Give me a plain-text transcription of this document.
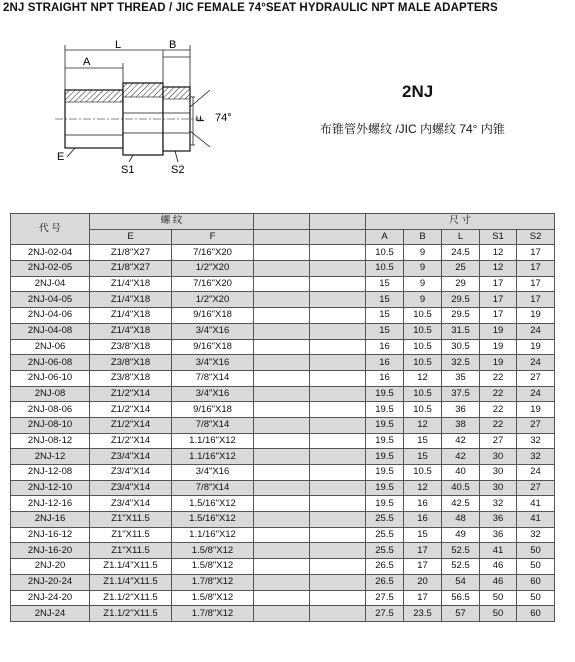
2NJ STRAIGHT NPT THREAD / JIC FEMALE 74°SEAT HYDRAULIC NPT MALE ADAPTERS
L	B
A
F 74°
E
S1	S2
2NJ
布锥管外螺纹 /JIC 内螺纹 74° 内锥
代 号	螺 纹				尺 寸				
	E	F			A	B	L	S1	S2
2NJ-02-04	Z1/8"X27	7/16"X20			10.5	9	24.5	12	17
2NJ-02-05	Z1/8"X27	1/2"X20			10.5	9	25	12	17
2NJ-04	Z1/4"X18	7/16"X20			15	9	29	17	17
2NJ-04-05	Z1/4"X18	1/2"X20			15	9	29.5	17	17
2NJ-04-06	Z1/4"X18	9/16"X18			15	10.5	29.5	17	19
2NJ-04-08	Z1/4"X18	3/4"X16			15	10.5	31.5	19	24
2NJ-06	Z3/8"X18	9/16"X18			16	10.5	30.5	19	19
2NJ-06-08	Z3/8"X18	3/4"X16			16	10.5	32.5	19	24
2NJ-06-10	Z3/8"X18	7/8"X14			16	12	35	22	27
2NJ-08	Z1/2"X14	3/4"X16			19.5	10.5	37.5	22	24
2NJ-08-06	Z1/2"X14	9/16"X18			19.5	10.5	36	22	19
2NJ-08-10	Z1/2"X14	7/8"X14			19.5	12	38	22	27
2NJ-08-12	Z1/2"X14	1.1/16"X12			19.5	15	42	27	32
2NJ-12	Z3/4"X14	1.1/16"X12			19.5	15	42	30	32
2NJ-12-08	Z3/4"X14	3/4"X16			19.5	10.5	40	30	24
2NJ-12-10	Z3/4"X14	7/8"X14			19.5	12	40.5	30	27
2NJ-12-16	Z3/4"X14	1.5/16"X12			19.5	16	42.5	32	41
2NJ-16	Z1"X11.5	1.5/16"X12			25.5	16	48	36	41
2NJ-16-12	Z1"X11.5	1.1/16"X12			25.5	15	49	36	32
2NJ-16-20	Z1"X11.5	1.5/8"X12			25.5	17	52.5	41	50
2NJ-20	Z1.1/4"X11.5	1.5/8"X12			26.5	17	52.5	46	50
2NJ-20-24	Z1.1/4"X11.5	1.7/8"X12			26.5	20	54	46	60
2NJ-24-20	Z1.1/2"X11.5	1.5/8"X12			27.5	17	56.5	50	50
2NJ-24	Z1.1/2"X11.5	1.7/8"X12			27.5	23.5	57	50	60
